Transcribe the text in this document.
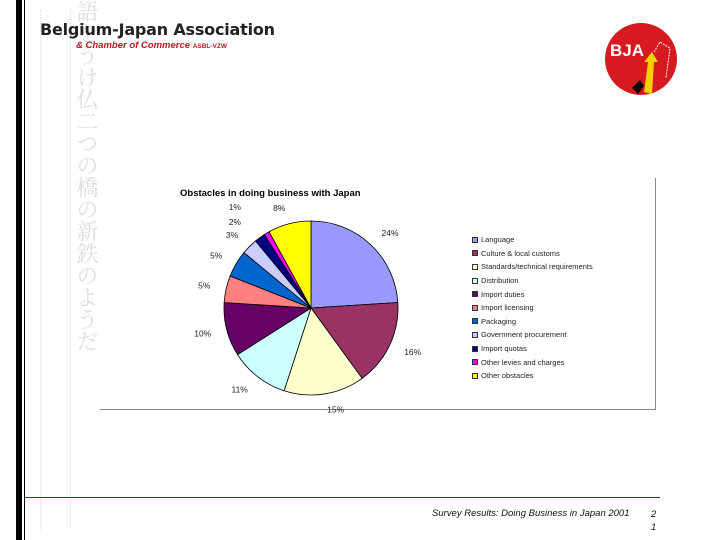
語をうけ仏二つの橋の新鉄のようだ
Belgium-Japan Association
& Chamber of Commerce ASBL-VZW	BJA
Obstacles in doing business with Japan
24%
16%
15%
11%
10%
5%
5%
3%
2%
1%	8%
Language
Culture & local customs
Standards/technical requirements
Distribution
Import duties
Import licensing
Packaging
Government procurement
Import quotas
Other levies and charges
Other obstacles
Survey Results: Doing Business in Japan 2001 2
1
